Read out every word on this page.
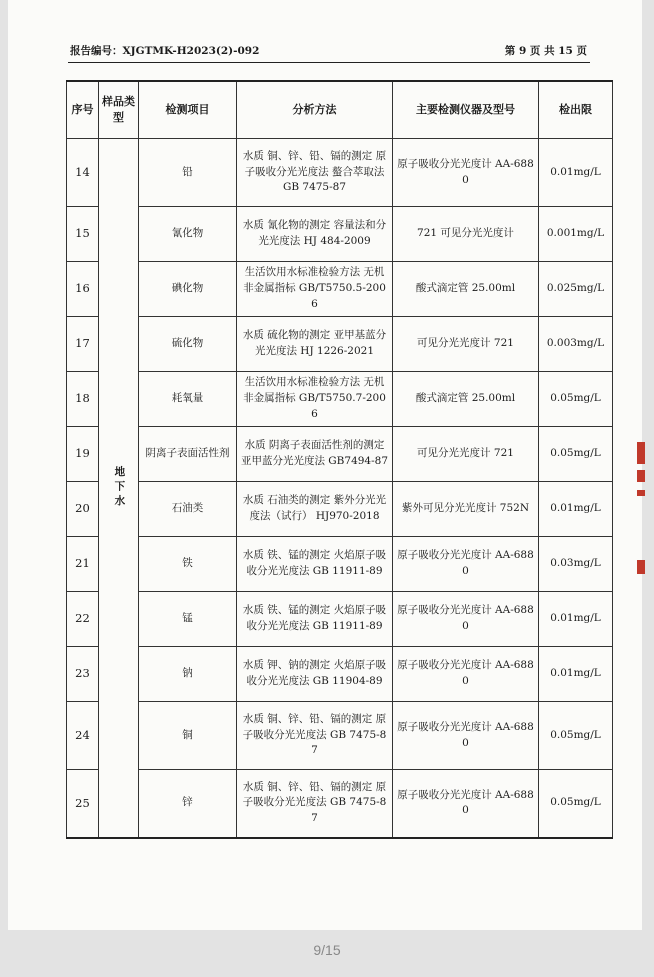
报告编号：XJGTMK-H2023(2)-092	第 9 页 共 15 页
序号	样品类型	检测项目	分析方法	主要检测仪器及型号	检出限
14	地下水	铅	水质 铜、锌、铅、镉的测定 原子吸收分光光度法 螯合萃取法 GB 7475-87	原子吸收分光光度计 AA-6880	0.01mg/L
15		氰化物	水质 氰化物的测定 容量法和分光光度法 HJ 484-2009	721 可见分光光度计	0.001mg/L
16		碘化物	生活饮用水标准检验方法 无机非金属指标 GB/T5750.5-2006	酸式滴定管 25.00ml	0.025mg/L
17		硫化物	水质 硫化物的测定 亚甲基蓝分光光度法 HJ 1226-2021	可见分光光度计 721	0.003mg/L
18		耗氧量	生活饮用水标准检验方法 无机非金属指标 GB/T5750.7-2006	酸式滴定管 25.00ml	0.05mg/L
19		阴离子表面活性剂	水质 阴离子表面活性剂的测定 亚甲蓝分光光度法 GB7494-87	可见分光光度计 721	0.05mg/L
20		石油类	水质 石油类的测定 紫外分光光度法（试行） HJ970-2018	紫外可见分光光度计 752N	0.01mg/L
21		铁	水质 铁、锰的测定 火焰原子吸收分光光度法 GB 11911-89	原子吸收分光光度计 AA-6880	0.03mg/L
22		锰	水质 铁、锰的测定 火焰原子吸收分光光度法 GB 11911-89	原子吸收分光光度计 AA-6880	0.01mg/L
23		钠	水质 钾、钠的测定 火焰原子吸收分光光度法 GB 11904-89	原子吸收分光光度计 AA-6880	0.01mg/L
24		铜	水质 铜、锌、铅、镉的测定 原子吸收分光光度法 GB 7475-87	原子吸收分光光度计 AA-6880	0.05mg/L
25		锌	水质 铜、锌、铅、镉的测定 原子吸收分光光度法 GB 7475-87	原子吸收分光光度计 AA-6880	0.05mg/L
9/15
